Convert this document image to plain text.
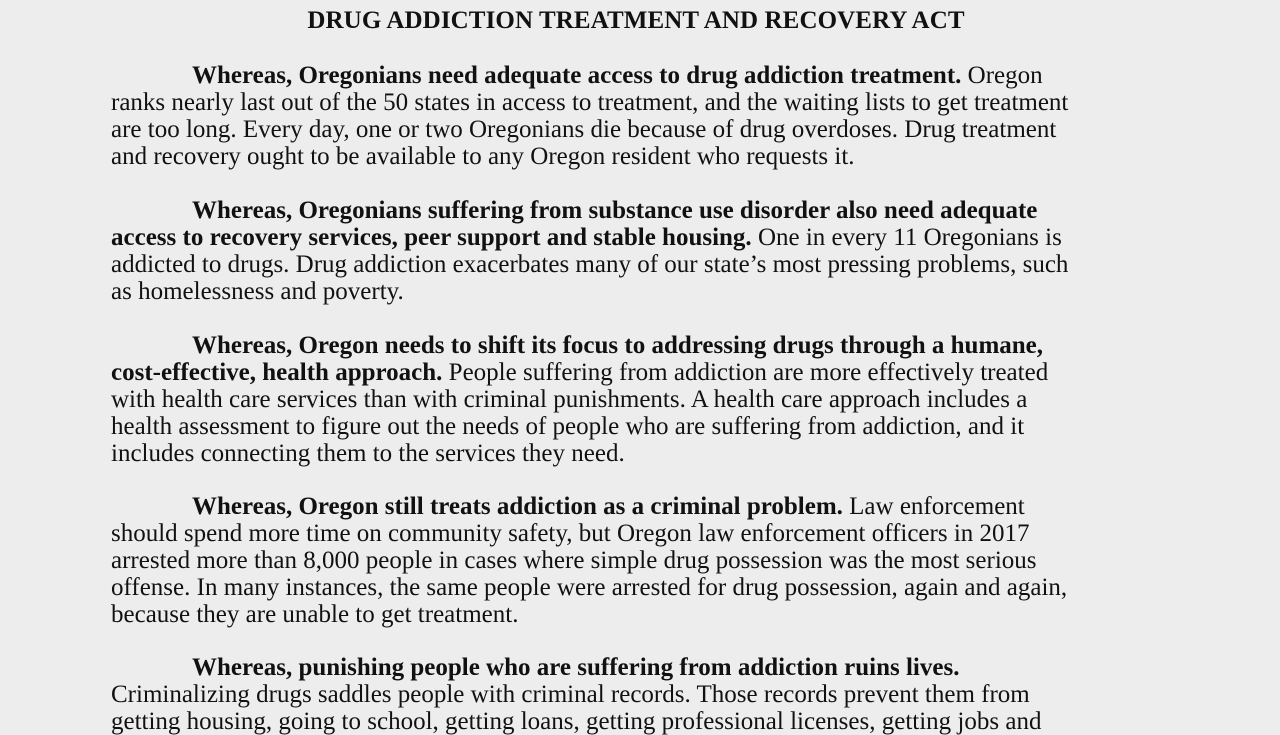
DRUG ADDICTION TREATMENT AND RECOVERY ACT
Whereas, Oregonians need adequate access to drug addiction treatment. Oregon
ranks nearly last out of the 50 states in access to treatment, and the waiting lists to get treatment
are too long. Every day, one or two Oregonians die because of drug overdoses. Drug treatment
and recovery ought to be available to any Oregon resident who requests it.
Whereas, Oregonians suffering from substance use disorder also need adequate
access to recovery services, peer support and stable housing. One in every 11 Oregonians is
addicted to drugs. Drug addiction exacerbates many of our state’s most pressing problems, such
as homelessness and poverty.
Whereas, Oregon needs to shift its focus to addressing drugs through a humane,
cost-effective, health approach. People suffering from addiction are more effectively treated
with health care services than with criminal punishments. A health care approach includes a
health assessment to figure out the needs of people who are suffering from addiction, and it
includes connecting them to the services they need.
Whereas, Oregon still treats addiction as a criminal problem. Law enforcement
should spend more time on community safety, but Oregon law enforcement officers in 2017
arrested more than 8,000 people in cases where simple drug possession was the most serious
offense. In many instances, the same people were arrested for drug possession, again and again,
because they are unable to get treatment.
Whereas, punishing people who are suffering from addiction ruins lives.
Criminalizing drugs saddles people with criminal records. Those records prevent them from
getting housing, going to school, getting loans, getting professional licenses, getting jobs and
